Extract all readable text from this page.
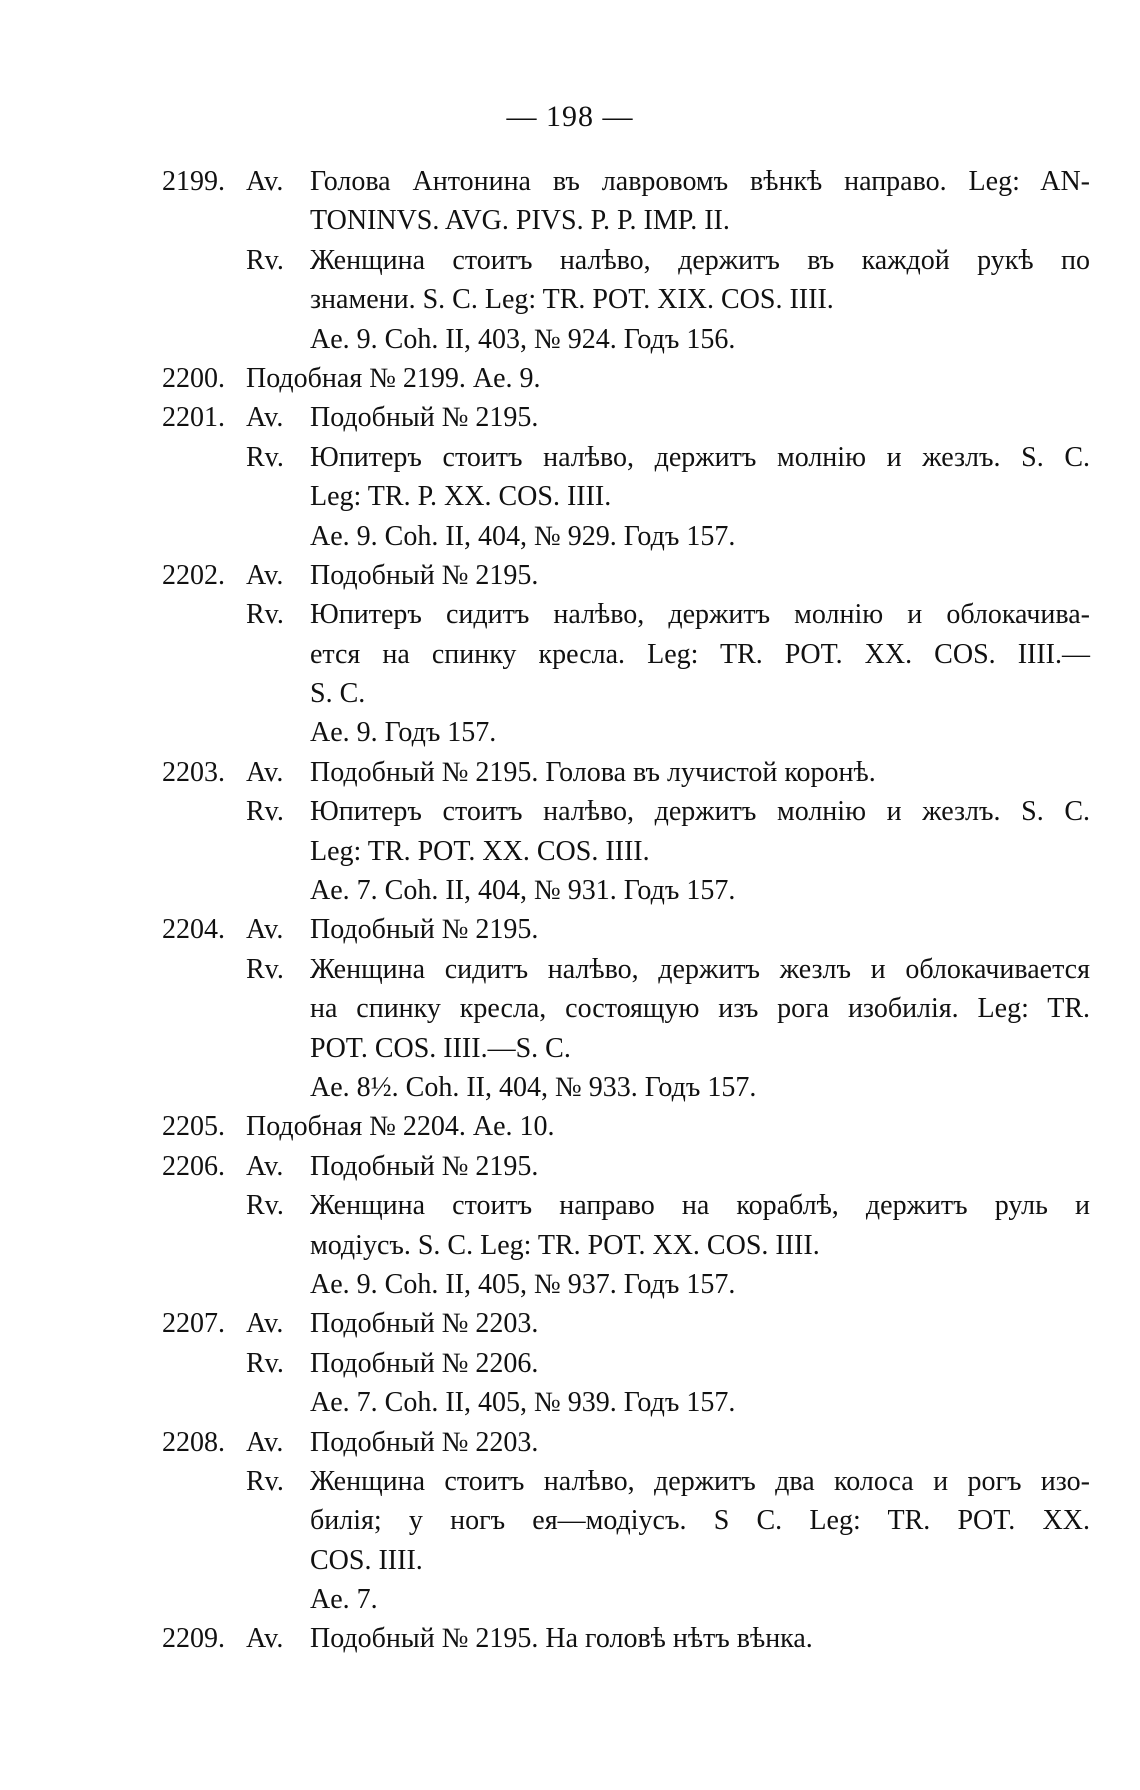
— 198 —
2199. Av. Голова Антонина въ лавровомъ вѣнкѣ направо. Leg: AN-
TONINVS. AVG. PIVS. P. P. IMP. II.
Rv. Женщина стоитъ налѣво, держитъ въ каждой рукѣ по
знамени. S. C. Leg: TR. POT. XIX. COS. IIII.
Ae. 9. Coh. II, 403, № 924. Годъ 156.
2200. Подобная № 2199. Ae. 9.
2201. Av. Подобный № 2195.
Rv. Юпитеръ стоитъ налѣво, держитъ молнію и жезлъ. S. C.
Leg: TR. P. XX. COS. IIII.
Ae. 9. Coh. II, 404, № 929. Годъ 157.
2202. Av. Подобный № 2195.
Rv. Юпитеръ сидитъ налѣво, держитъ молнію и облокачива-
ется на спинку кресла. Leg: TR. POT. XX. COS. IIII.—
S. C.
Ae. 9. Годъ 157.
2203. Av. Подобный № 2195. Голова въ лучистой коронѣ.
Rv. Юпитеръ стоитъ налѣво, держитъ молнію и жезлъ. S. C.
Leg: TR. POT. XX. COS. IIII.
Ae. 7. Coh. II, 404, № 931. Годъ 157.
2204. Av. Подобный № 2195.
Rv. Женщина сидитъ налѣво, держитъ жезлъ и облокачивается
на спинку кресла, состоящую изъ рога изобилія. Leg: TR.
POT. COS. IIII.—S. C.
Ae. 8½. Coh. II, 404, № 933. Годъ 157.
2205. Подобная № 2204. Ae. 10.
2206. Av. Подобный № 2195.
Rv. Женщина стоитъ направо на кораблѣ, держитъ руль и
модіусъ. S. C. Leg: TR. POT. XX. COS. IIII.
Ae. 9. Coh. II, 405, № 937. Годъ 157.
2207. Av. Подобный № 2203.
Rv. Подобный № 2206.
Ae. 7. Coh. II, 405, № 939. Годъ 157.
2208. Av. Подобный № 2203.
Rv. Женщина стоитъ налѣво, держитъ два колоса и рогъ изо-
билія; у ногъ ея—модіусъ. S C. Leg: TR. POT. XX.
COS. IIII.
Ae. 7.
2209. Av. Подобный № 2195. На головѣ нѣтъ вѣнка.
